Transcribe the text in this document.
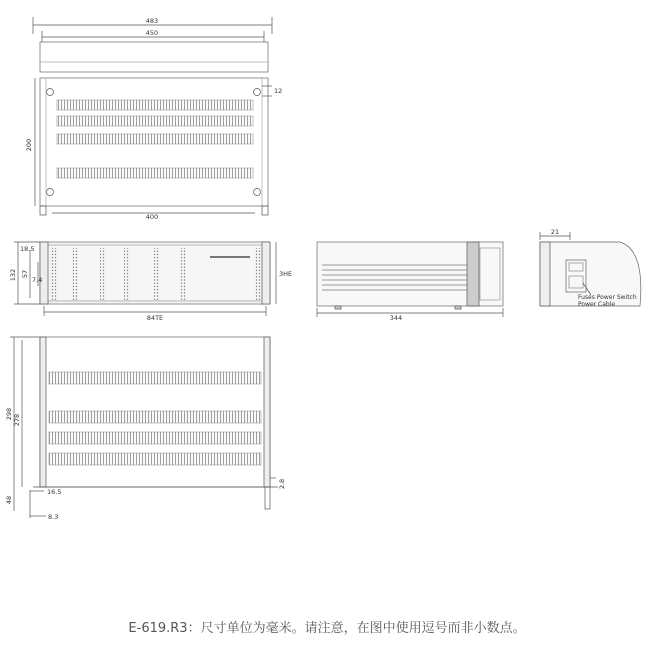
483
450
200
12
400
132
18.5
57
7.4
84TE
3HE
344
21
Fuses Power Switch
Power Cable
298 278
48
16.5
8.3
2.8
E-619.R3：尺寸单位为毫米。请注意，在图中使用逗号而非小数点。
